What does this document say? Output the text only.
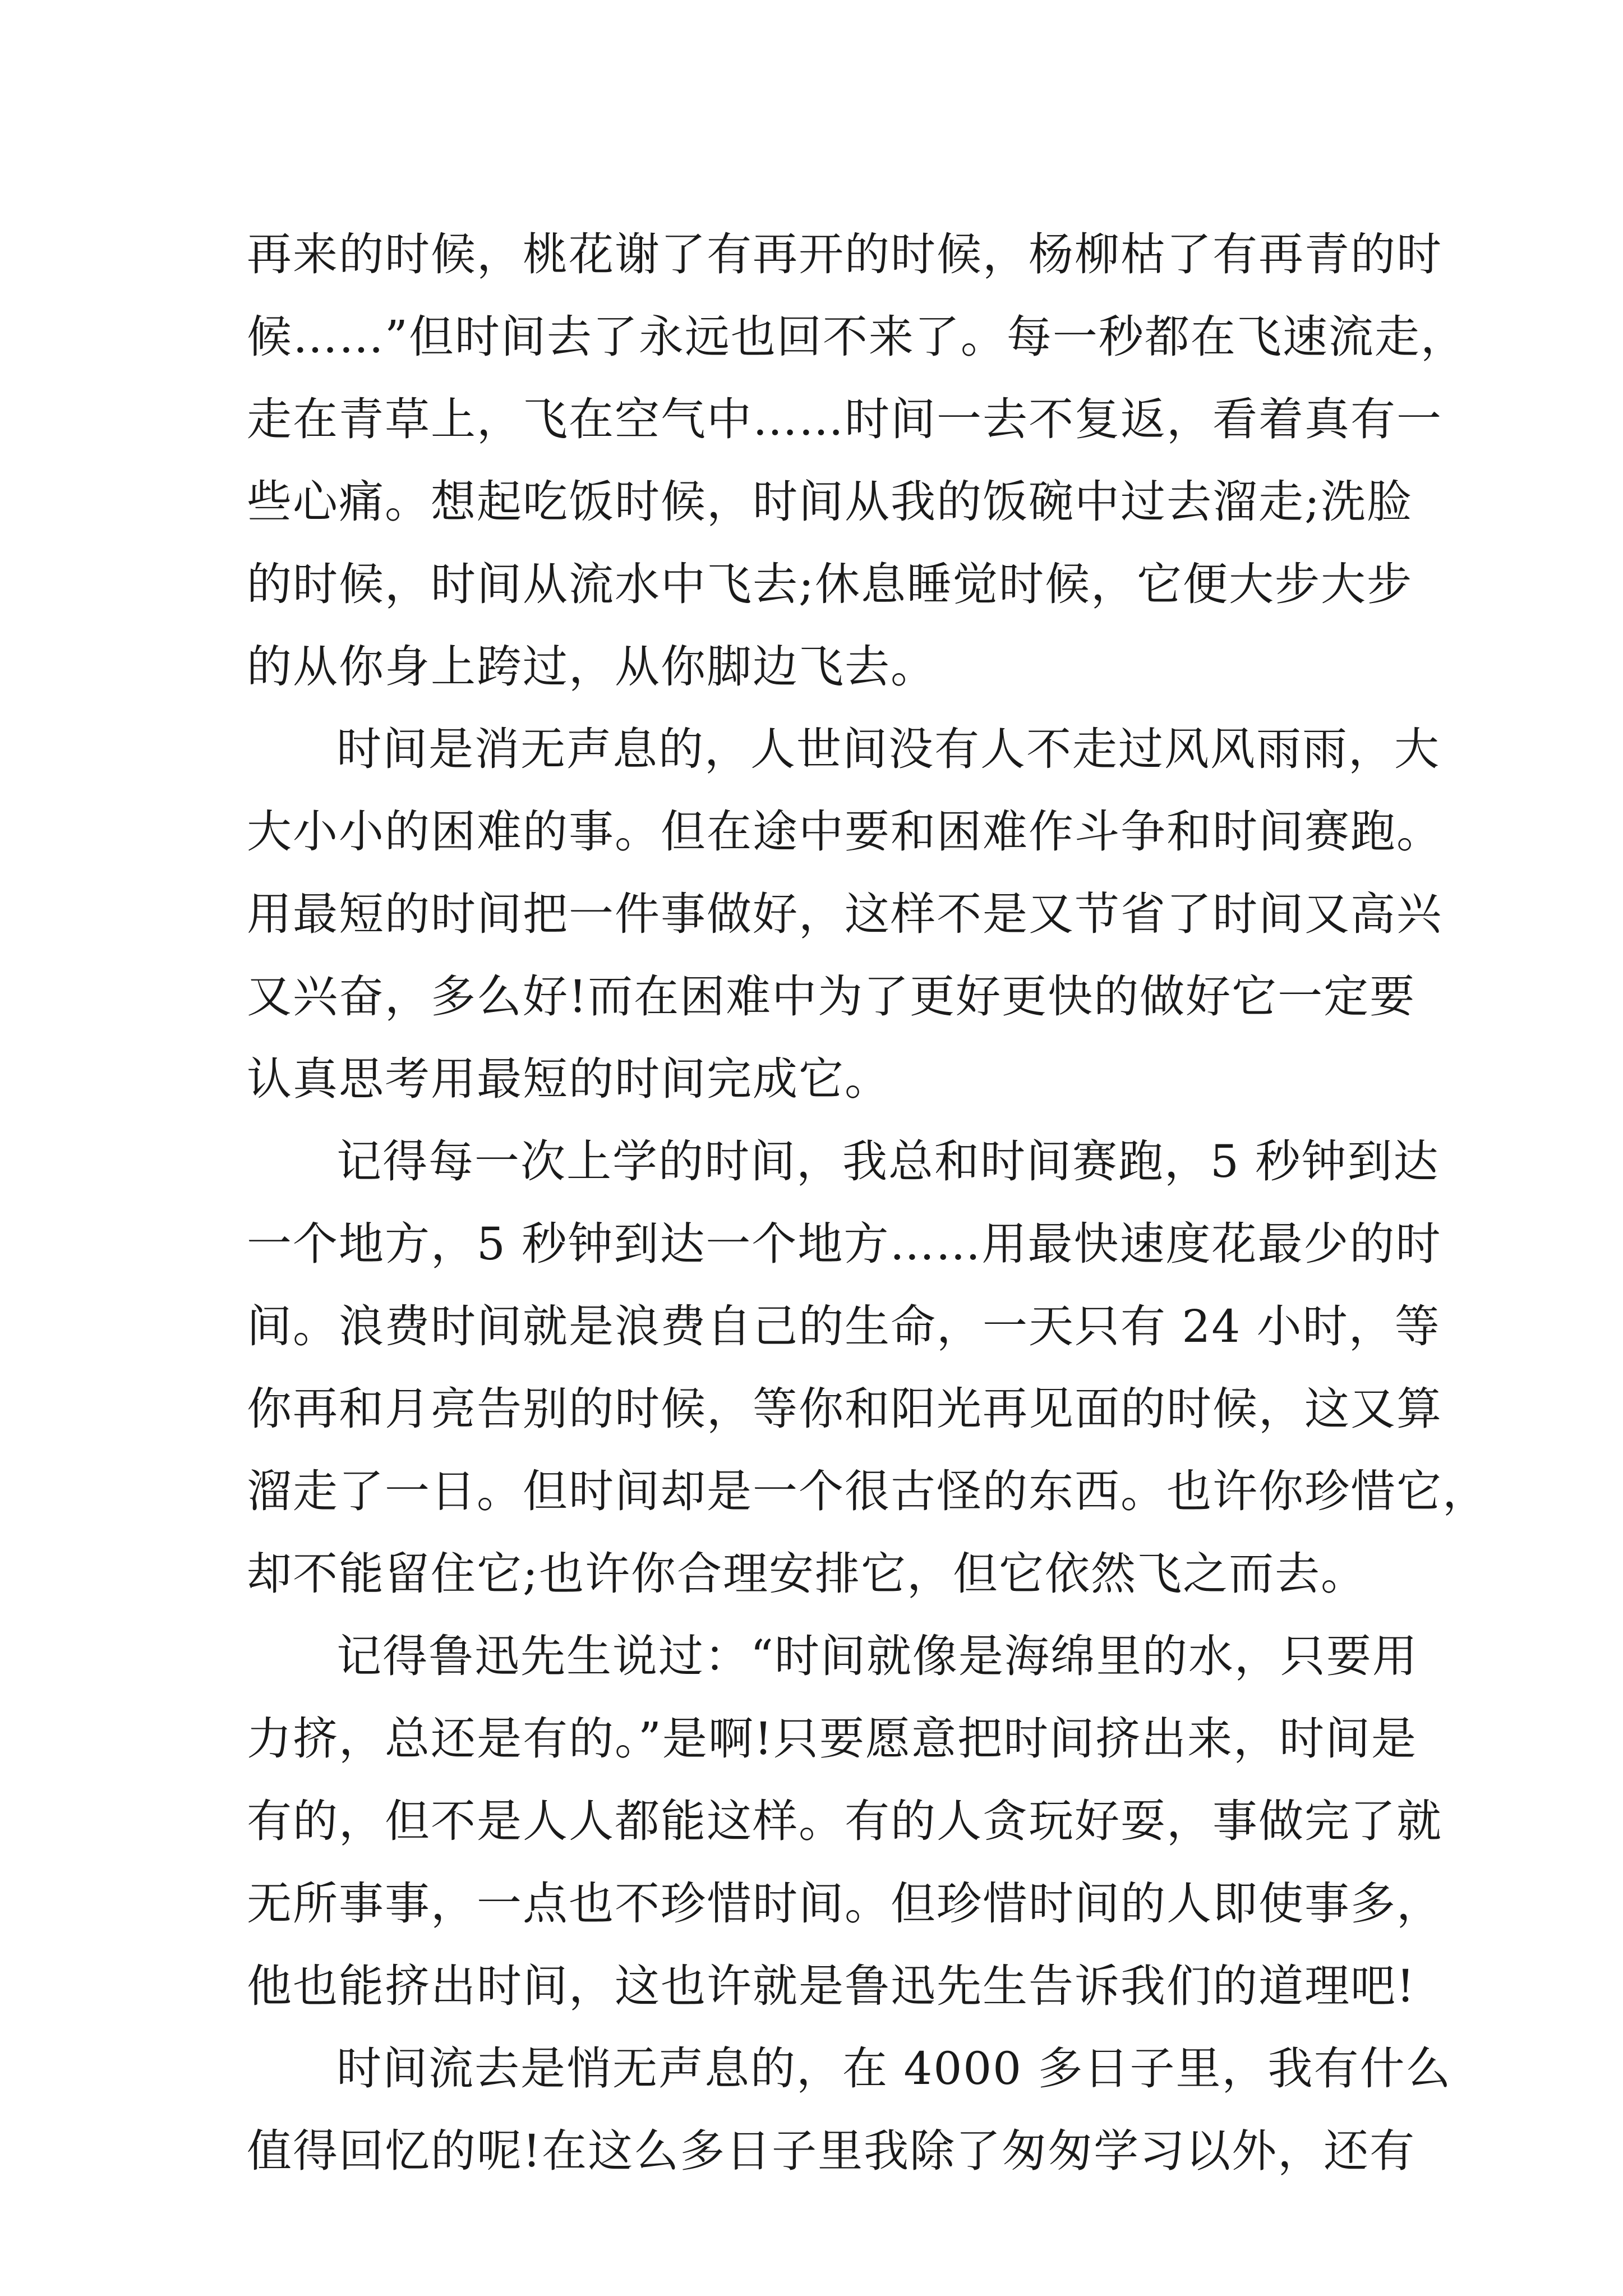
再来的时候，桃花谢了有再开的时候，杨柳枯了有再青的时
候……”但时间去了永远也回不来了。每一秒都在飞速流走，
走在青草上，飞在空气中……时间一去不复返，看着真有一
些心痛。想起吃饭时候，时间从我的饭碗中过去溜走;洗脸
的时候，时间从流水中飞去;休息睡觉时候，它便大步大步
的从你身上跨过，从你脚边飞去。
时间是消无声息的，人世间没有人不走过风风雨雨，大
大小小的困难的事。但在途中要和困难作斗争和时间赛跑。
用最短的时间把一件事做好，这样不是又节省了时间又高兴
又兴奋，多么好!而在困难中为了更好更快的做好它一定要
认真思考用最短的时间完成它。
记得每一次上学的时间，我总和时间赛跑，5 秒钟到达
一个地方，5 秒钟到达一个地方……用最快速度花最少的时
间。浪费时间就是浪费自己的生命，一天只有 24 小时，等
你再和月亮告别的时候，等你和阳光再见面的时候，这又算
溜走了一日。但时间却是一个很古怪的东西。也许你珍惜它，
却不能留住它;也许你合理安排它，但它依然飞之而去。
记得鲁迅先生说过：“时间就像是海绵里的水，只要用
力挤，总还是有的。”是啊!只要愿意把时间挤出来，时间是
有的，但不是人人都能这样。有的人贪玩好耍，事做完了就
无所事事，一点也不珍惜时间。但珍惜时间的人即使事多，
他也能挤出时间，这也许就是鲁迅先生告诉我们的道理吧!
时间流去是悄无声息的，在 4000 多日子里，我有什么
值得回忆的呢!在这么多日子里我除了匆匆学习以外，还有
